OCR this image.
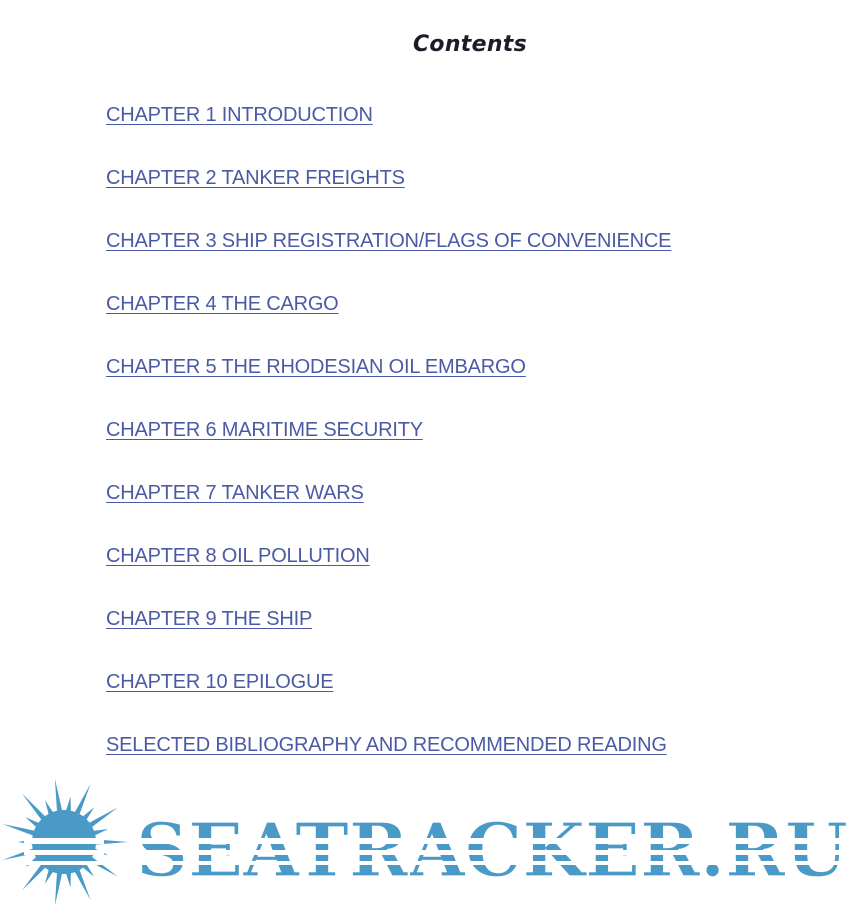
Contents
CHAPTER 1 INTRODUCTION
CHAPTER 2 TANKER FREIGHTS
CHAPTER 3 SHIP REGISTRATION/FLAGS OF CONVENIENCE
CHAPTER 4 THE CARGO
CHAPTER 5 THE RHODESIAN OIL EMBARGO
CHAPTER 6 MARITIME SECURITY
CHAPTER 7 TANKER WARS
CHAPTER 8 OIL POLLUTION
CHAPTER 9 THE SHIP
CHAPTER 10 EPILOGUE
SELECTED BIBLIOGRAPHY AND RECOMMENDED READING
